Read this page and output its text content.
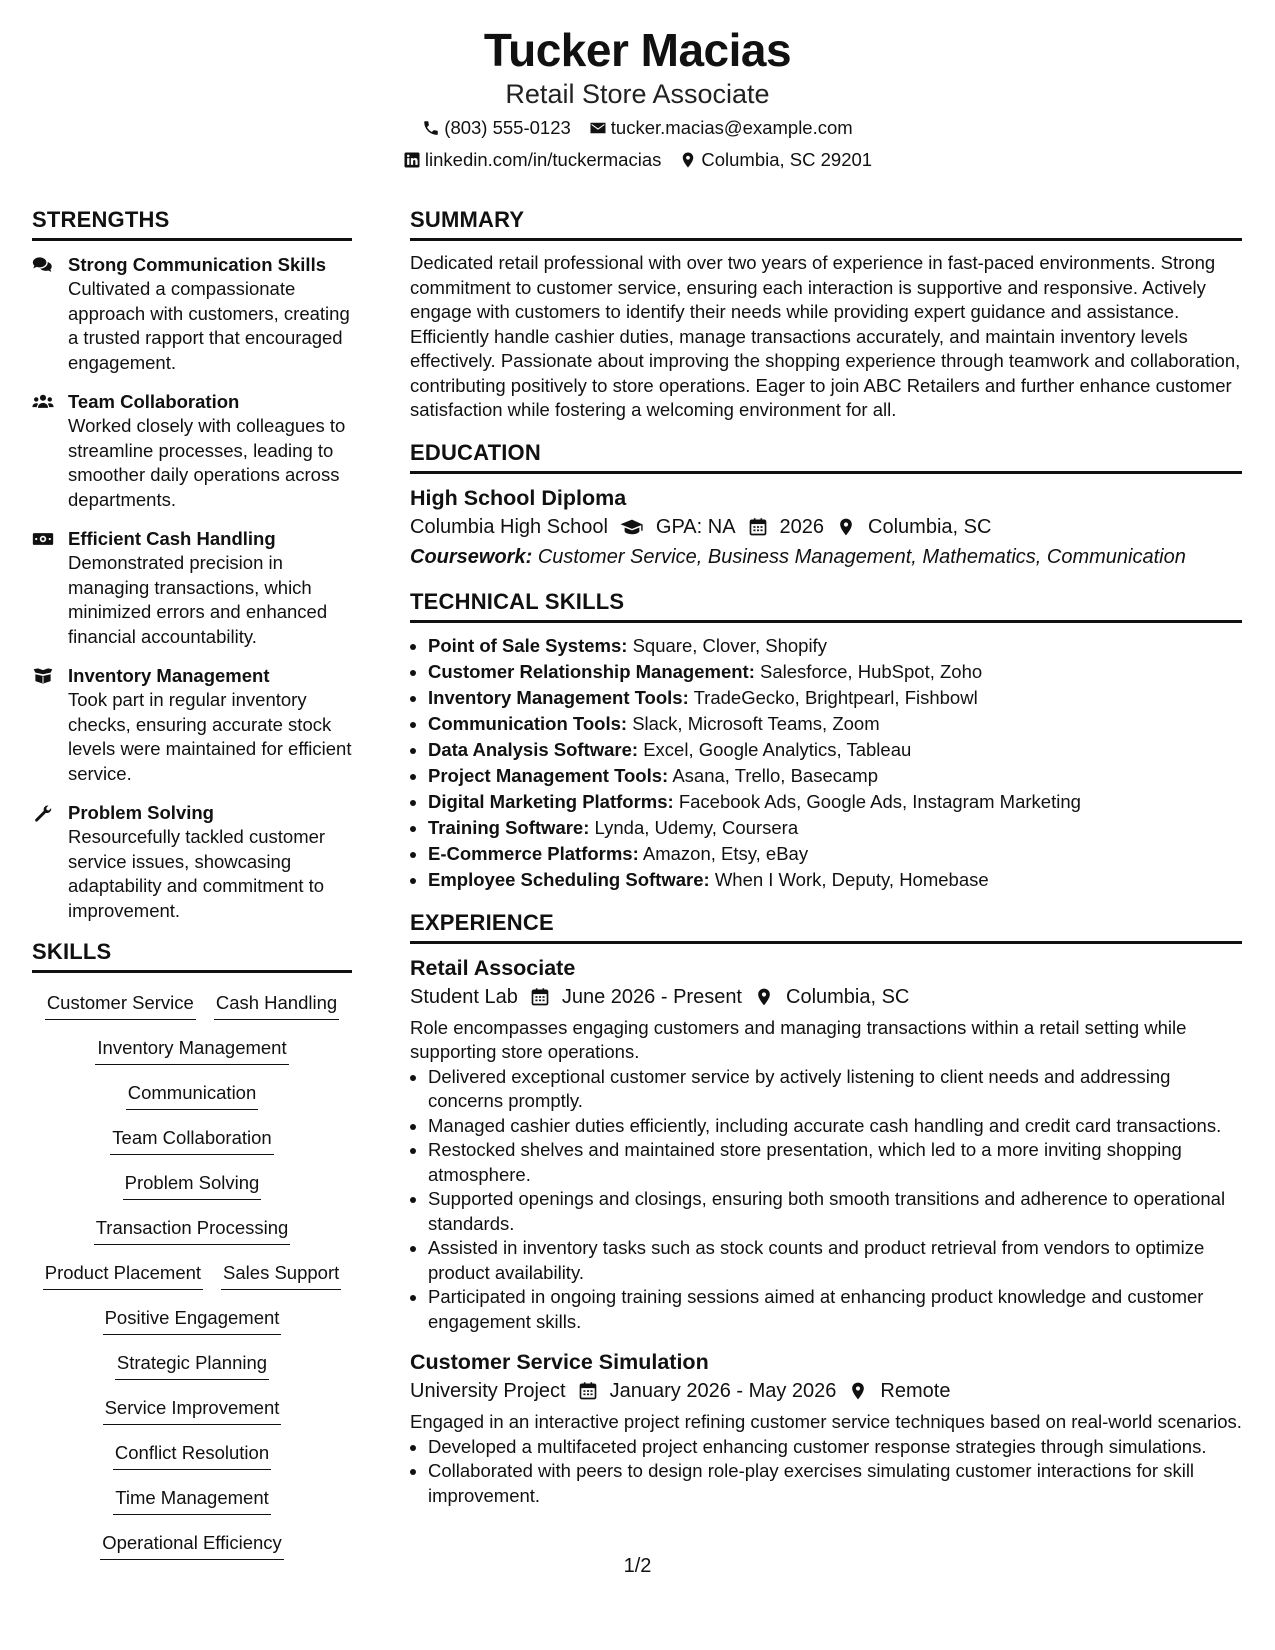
Tucker Macias
Retail Store Associate
(803) 555-0123 tucker.macias@example.com
linkedin.com/in/tuckermacias Columbia, SC 29201
STRENGTHS
Strong Communication Skills
Cultivated a compassionate approach with customers, creating a trusted rapport that encouraged engagement.
Team Collaboration
Worked closely with colleagues to streamline processes, leading to smoother daily operations across departments.
Efficient Cash Handling
Demonstrated precision in managing transactions, which minimized errors and enhanced financial accountability.
Inventory Management
Took part in regular inventory checks, ensuring accurate stock levels were maintained for efficient service.
Problem Solving
Resourcefully tackled customer service issues, showcasing adaptability and commitment to improvement.
SKILLS
Customer Service Cash Handling
Inventory Management
Communication
Team Collaboration
Problem Solving
Transaction Processing
Product Placement Sales Support
Positive Engagement
Strategic Planning
Service Improvement
Conflict Resolution
Time Management
Operational Efficiency
SUMMARY

Dedicated retail professional with over two years of experience in fast-paced environments. Strong commitment to customer service, ensuring each interaction is supportive and responsive. Actively engage with customers to identify their needs while providing expert guidance and assistance. Efficiently handle cashier duties, manage transactions accurately, and maintain inventory levels effectively. Passionate about improving the shopping experience through teamwork and collaboration, contributing positively to store operations. Eager to join ABC Retailers and further enhance customer satisfaction while fostering a welcoming environment for all.

EDUCATION
High School Diploma
Columbia High School GPA: NA 2026 Columbia, SC
Coursework: Customer Service, Business Management, Mathematics, Communication
TECHNICAL SKILLS
• Point of Sale Systems: Square, Clover, Shopify
• Customer Relationship Management: Salesforce, HubSpot, Zoho
• Inventory Management Tools: TradeGecko, Brightpearl, Fishbowl
• Communication Tools: Slack, Microsoft Teams, Zoom
• Data Analysis Software: Excel, Google Analytics, Tableau
• Project Management Tools: Asana, Trello, Basecamp
• Digital Marketing Platforms: Facebook Ads, Google Ads, Instagram Marketing
• Training Software: Lynda, Udemy, Coursera
• E-Commerce Platforms: Amazon, Etsy, eBay
• Employee Scheduling Software: When I Work, Deputy, Homebase
EXPERIENCE
Retail Associate
Student Lab June 2026 - Present Columbia, SC

Role encompasses engaging customers and managing transactions within a retail setting while supporting store operations.

• Delivered exceptional customer service by actively listening to client needs and addressing concerns promptly.
• Managed cashier duties efficiently, including accurate cash handling and credit card transactions.
• Restocked shelves and maintained store presentation, which led to a more inviting shopping atmosphere.
• Supported openings and closings, ensuring both smooth transitions and adherence to operational standards.
• Assisted in inventory tasks such as stock counts and product retrieval from vendors to optimize product availability.
• Participated in ongoing training sessions aimed at enhancing product knowledge and customer engagement skills.
Customer Service Simulation
University Project January 2026 - May 2026 Remote

Engaged in an interactive project refining customer service techniques based on real-world scenarios.

• Developed a multifaceted project enhancing customer response strategies through simulations.
• Collaborated with peers to design role-play exercises simulating customer interactions for skill improvement.
1/2
